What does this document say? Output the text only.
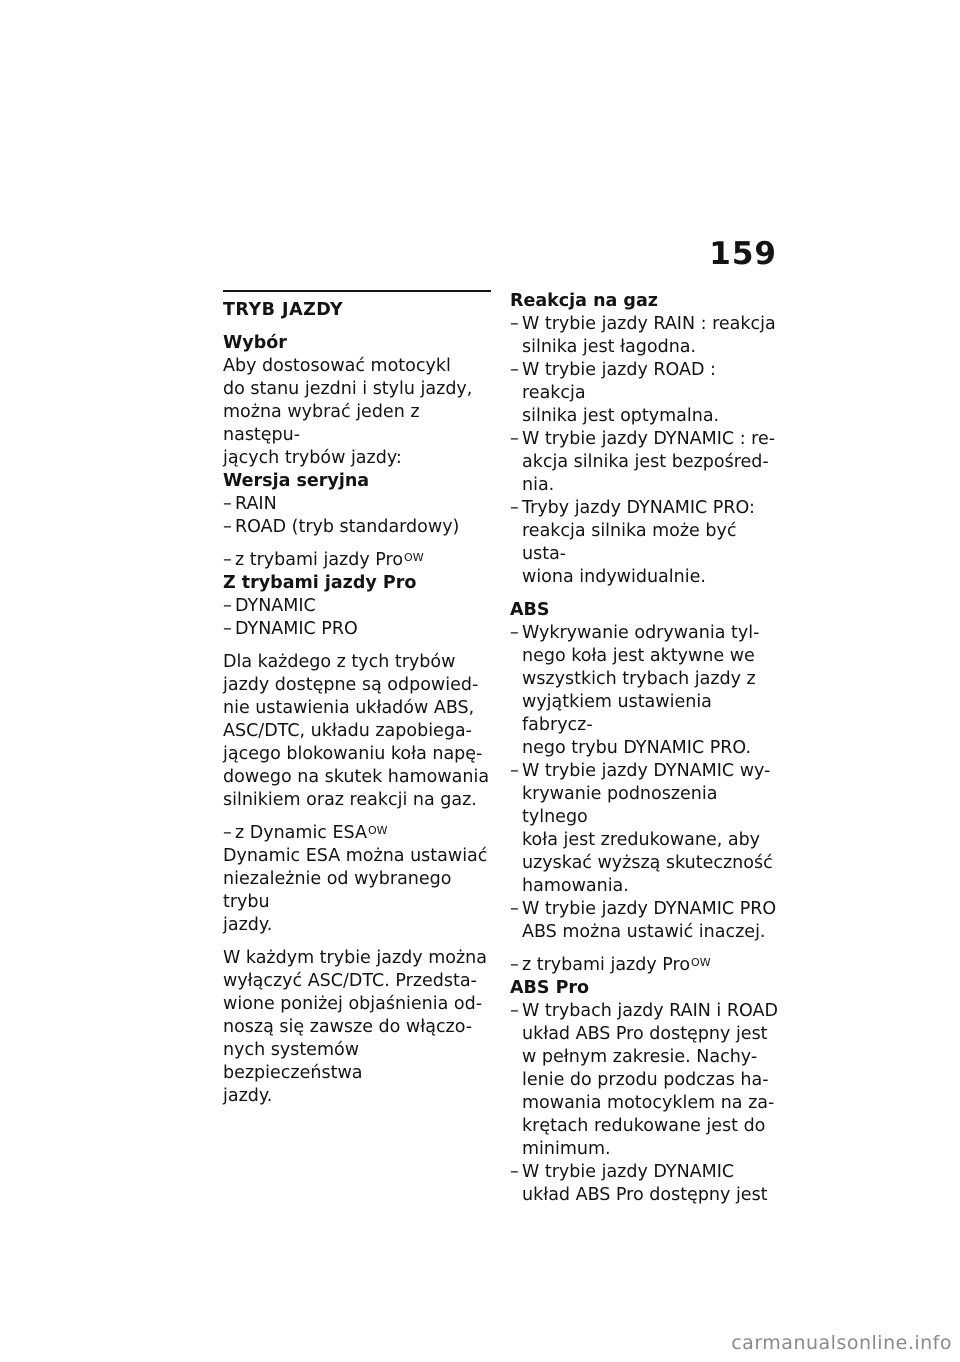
159
TRYB JAZDY
Wybór
Aby dostosować motocykl
do stanu jezdni i stylu jazdy,
można wybrać jeden z następu-
jących trybów jazdy:
Wersja seryjna
– RAIN
– ROAD (tryb standardowy)
– z trybami jazdy Pro$^{OW}$
Z trybami jazdy Pro
– DYNAMIC
– DYNAMIC PRO
Dla każdego z tych trybów
jazdy dostępne są odpowied-
nie ustawienia układów ABS,
ASC/DTC, układu zapobiega-
jącego blokowaniu koła napę-
dowego na skutek hamowania
silnikiem oraz reakcji na gaz.
– z Dynamic $ESA^{OW}$
Dynamic ESA można ustawiać
niezależnie od wybranego trybu
jazdy.
W każdym trybie jazdy można
wyłączyć ASC/DTC. Przedsta-
wione poniżej objaśnienia od-
noszą się zawsze do włączo-
nych systemów bezpieczeństwa
jazdy.
Reakcja na gaz
– W trybie jazdy RAIN : reakcja
silnika jest łagodna.
– W trybie jazdy ROAD : reakcja
silnika jest optymalna.
– W trybie jazdy DYNAMIC : re-
akcja silnika jest bezpośred-
nia.
– Tryby jazdy DYNAMIC PRO:
reakcja silnika może być usta-
wiona indywidualnie.
ABS
– Wykrywanie odrywania tyl-
nego koła jest aktywne we
wszystkich trybach jazdy z
wyjątkiem ustawienia fabrycz-
nego trybu DYNAMIC PRO.
– W trybie jazdy DYNAMIC wy-
krywanie podnoszenia tylnego
koła jest zredukowane, aby
uzyskać wyższą skuteczność
hamowania.
– W trybie jazdy DYNAMIC PRO
ABS można ustawić inaczej.
– z trybami jazdy Pro$^{OW}$
ABS Pro
– W trybach jazdy RAIN i ROAD
układ ABS Pro dostępny jest
w pełnym zakresie. Nachy-
lenie do przodu podczas ha-
mowania motocyklem na za-
krętach redukowane jest do
minimum.
– W trybie jazdy DYNAMIC
układ ABS Pro dostępny jest
carmanualsonline.info
